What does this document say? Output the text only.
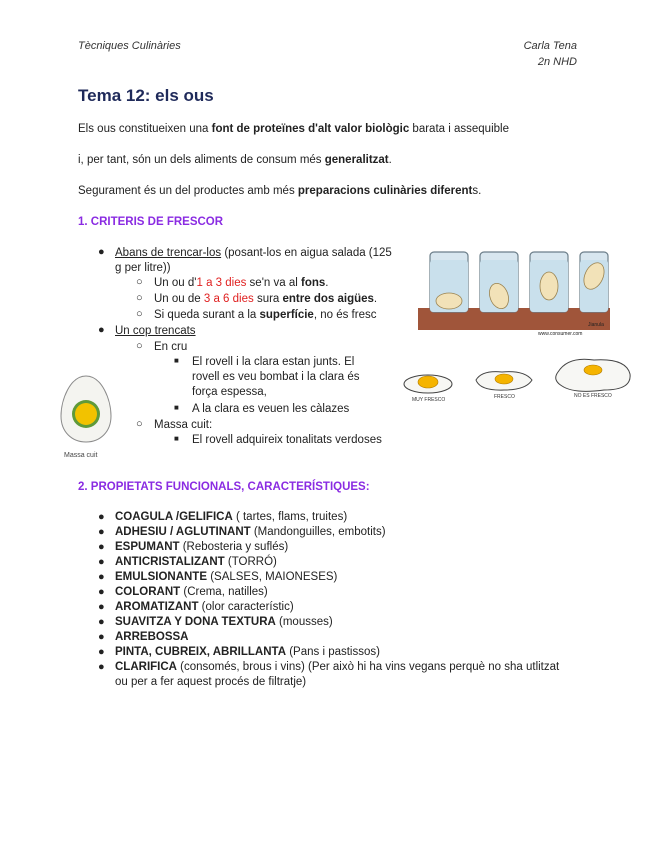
Tècniques Culinàries	Carla Tena
2n NHD
Tema 12: els ous
Els ous constitueixen una font de proteïnes d'alt valor biològic barata i assequible
i, per tant, són un dels aliments de consum més generalitzat.
Segurament és un del productes amb més preparacions culinàries diferents.
1. CRITERIS DE FRESCOR
● Abans de trencar-los (posant-los en aigua salada (125
g per litre))
○ Un ou d'1 a 3 dies se'n va al fons.
○ Un ou de 3 a 6 dies sura entre dos aigües.
○ Si queda surant a la superfície, no és fresc
● Un cop trencats
○ En cru
■ El rovell i la clara estan junts. El
rovell es veu bombat i la clara és
força espessa,
■ A la clara es veuen les càlazes
○ Massa cuit:
■ El rovell adquireix tonalitats verdoses
Jianula
www.consumer.com
MUY FRESCO	FRESCO	NO ES FRESCO
Massa cuit
2. PROPIETATS FUNCIONALS, CARACTERÍSTIQUES:
● COAGULA /GELIFICA ( tartes, flams, truites)
● ADHESIU / AGLUTINANT (Mandonguilles, embotits)
● ESPUMANT (Rebosteria y suflés)
● ANTICRISTALIZANT (TORRÓ)
● EMULSIONANTE (SALSES, MAIONESES)
● COLORANT (Crema, natilles)
● AROMATIZANT (olor característic)
● SUAVITZA Y DONA TEXTURA (mousses)
● ARREBOSSA
● PINTA, CUBREIX, ABRILLANTA (Pans i pastissos)
● CLARIFICA (consomés, brous i vins) (Per això hi ha vins vegans perquè no sha utlitzat
ou per a fer aquest procés de filtratje)
